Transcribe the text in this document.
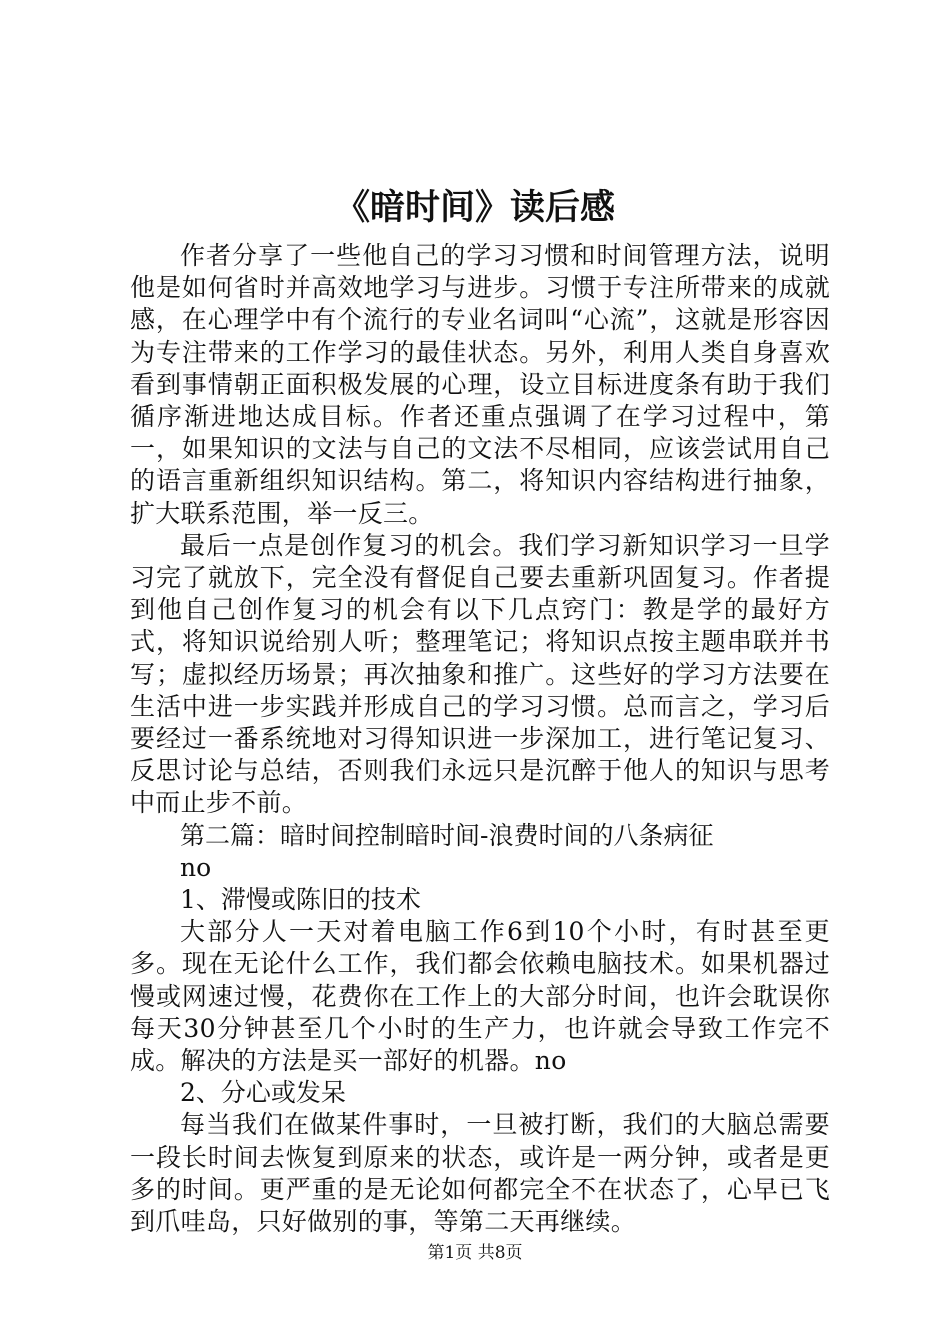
《暗时间》读后感

作者分享了一些他自己的学习习惯和时间管理方法，说明他是如何省时并高效地学习与进步。习惯于专注所带来的成就感，在心理学中有个流行的专业名词叫“心流”，这就是形容因为专注带来的工作学习的最佳状态。另外，利用人类自身喜欢看到事情朝正面积极发展的心理，设立目标进度条有助于我们循序渐进地达成目标。作者还重点强调了在学习过程中，第一，如果知识的文法与自己的文法不尽相同，应该尝试用自己的语言重新组织知识结构。第二，将知识内容结构进行抽象，扩大联系范围，举一反三。

最后一点是创作复习的机会。我们学习新知识学习一旦学习完了就放下，完全没有督促自己要去重新巩固复习。作者提到他自己创作复习的机会有以下几点窍门：教是学的最好方式，将知识说给别人听；整理笔记；将知识点按主题串联并书写；虚拟经历场景；再次抽象和推广。这些好的学习方法要在生活中进一步实践并形成自己的学习习惯。总而言之，学习后要经过一番系统地对习得知识进一步深加工，进行笔记复习、反思讨论与总结，否则我们永远只是沉醉于他人的知识与思考中而止步不前。

第二篇：暗时间控制暗时间-浪费时间的八条病征

no

1、滞慢或陈旧的技术

大部分人一天对着电脑工作6到10个小时，有时甚至更多。现在无论什么工作，我们都会依赖电脑技术。如果机器过慢或网速过慢，花费你在工作上的大部分时间，也许会耽误你每天30分钟甚至几个小时的生产力，也许就会导致工作完不成。解决的方法是买一部好的机器。no

2、分心或发呆

每当我们在做某件事时，一旦被打断，我们的大脑总需要一段长时间去恢复到原来的状态，或许是一两分钟，或者是更多的时间。更严重的是无论如何都完全不在状态了，心早已飞到爪哇岛，只好做别的事，等第二天再继续。

第1页 共8页
